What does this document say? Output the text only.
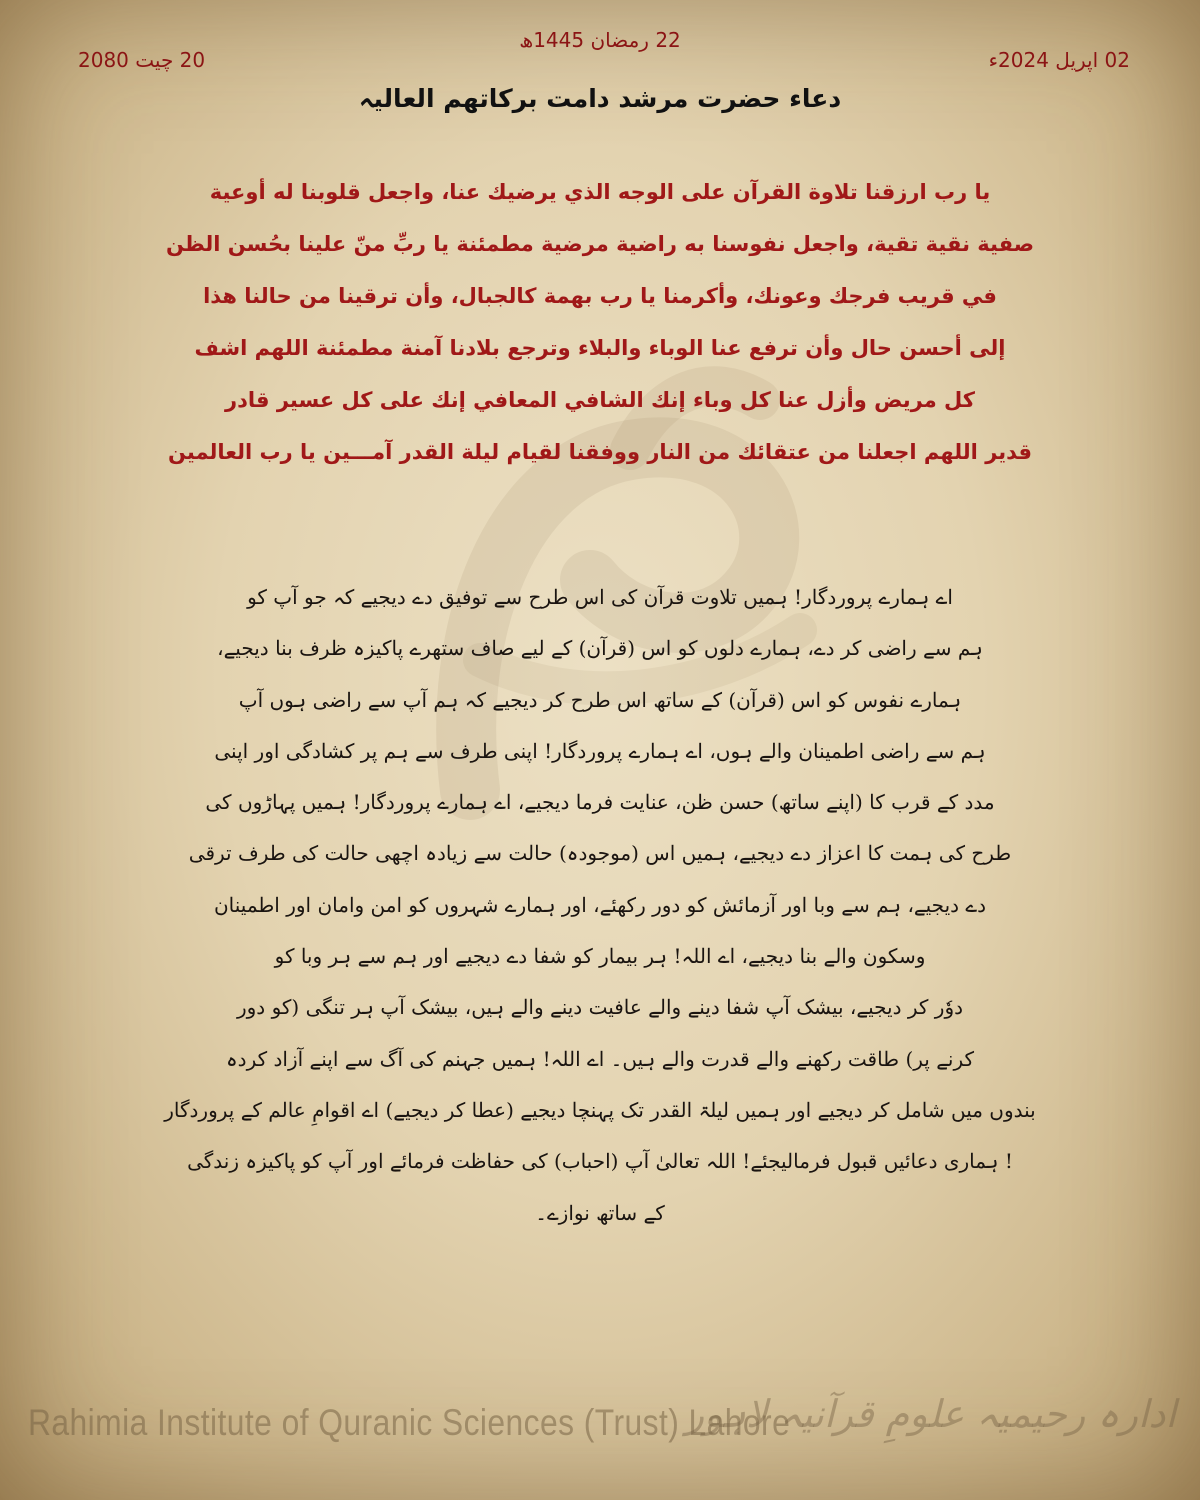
22 رمضان 1445ھ
02 اپریل 2024ء
20 چیت 2080
دعاء حضرت مرشد دامت برکاتھم العالیہ
يا رب ارزقنا تلاوة القرآن على الوجه الذي يرضيك عنا، واجعل قلوبنا له أوعية
صفية نقية تقية، واجعل نفوسنا به راضية مرضية مطمئنة يا ربِّ منّ علينا بحُسن الظن
في قريب فرجك وعونك، وأكرمنا يا رب بهمة كالجبال، وأن ترقينا من حالنا هذا
إلى أحسن حال وأن ترفع عنا الوباء والبلاء وترجع بلادنا آمنة مطمئنة اللهم اشف
كل مريض وأزل عنا كل وباء إنك الشافي المعافي إنك على كل عسير قادر
قدير اللهم اجعلنا من عتقائك من النار ووفقنا لقيام ليلة القدر آمـــين يا رب العالمين
اے ہمارے پروردگار! ہمیں تلاوت قرآن کی اس طرح سے توفیق دے دیجیے کہ جو آپ کو
ہم سے راضی کر دے، ہمارے دلوں کو اس (قرآن) کے لیے صاف ستھرے پاکیزہ ظرف بنا دیجیے،
ہمارے نفوس کو اس (قرآن) کے ساتھ اس طرح کر دیجیے کہ ہم آپ سے راضی ہوں آپ
ہم سے راضی اطمینان والے ہوں، اے ہمارے پروردگار! اپنی طرف سے ہم پر کشادگی اور اپنی
مدد کے قرب کا (اپنے ساتھ) حسن ظن، عنایت فرما دیجیے، اے ہمارے پروردگار! ہمیں پہاڑوں کی
طرح کی ہمت کا اعزاز دے دیجیے، ہمیں اس (موجودہ) حالت سے زیادہ اچھی حالت کی طرف ترقی
دے دیجیے، ہم سے وبا اور آزمائش کو دور رکھئے، اور ہمارے شہروں کو امن وامان اور اطمینان
وسکون والے بنا دیجیے، اے اللہ! ہر بیمار کو شفا دے دیجیے اور ہم سے ہر وبا کو
دوٗر کر دیجیے، بیشک آپ شفا دینے والے عافیت دینے والے ہیں، بیشک آپ ہر تنگی (کو دور
کرنے پر) طاقت رکھنے والے قدرت والے ہیں۔ اے اللہ! ہمیں جہنم کی آگ سے اپنے آزاد کردہ
بندوں میں شامل کر دیجیے اور ہمیں لیلۃ القدر تک پہنچا دیجیے (عطا کر دیجیے) اے اقوامِ عالم کے پروردگار
! ہماری دعائیں قبول فرمالیجئے! اللہ تعالیٰ آپ (احباب) کی حفاظت فرمائے اور آپ کو پاکیزہ زندگی
کے ساتھ نوازے۔
Rahimia Institute of Quranic Sciences (Trust) Lahore
ادارہ رحیمیہ علومِ قرآنیہ لاہور
